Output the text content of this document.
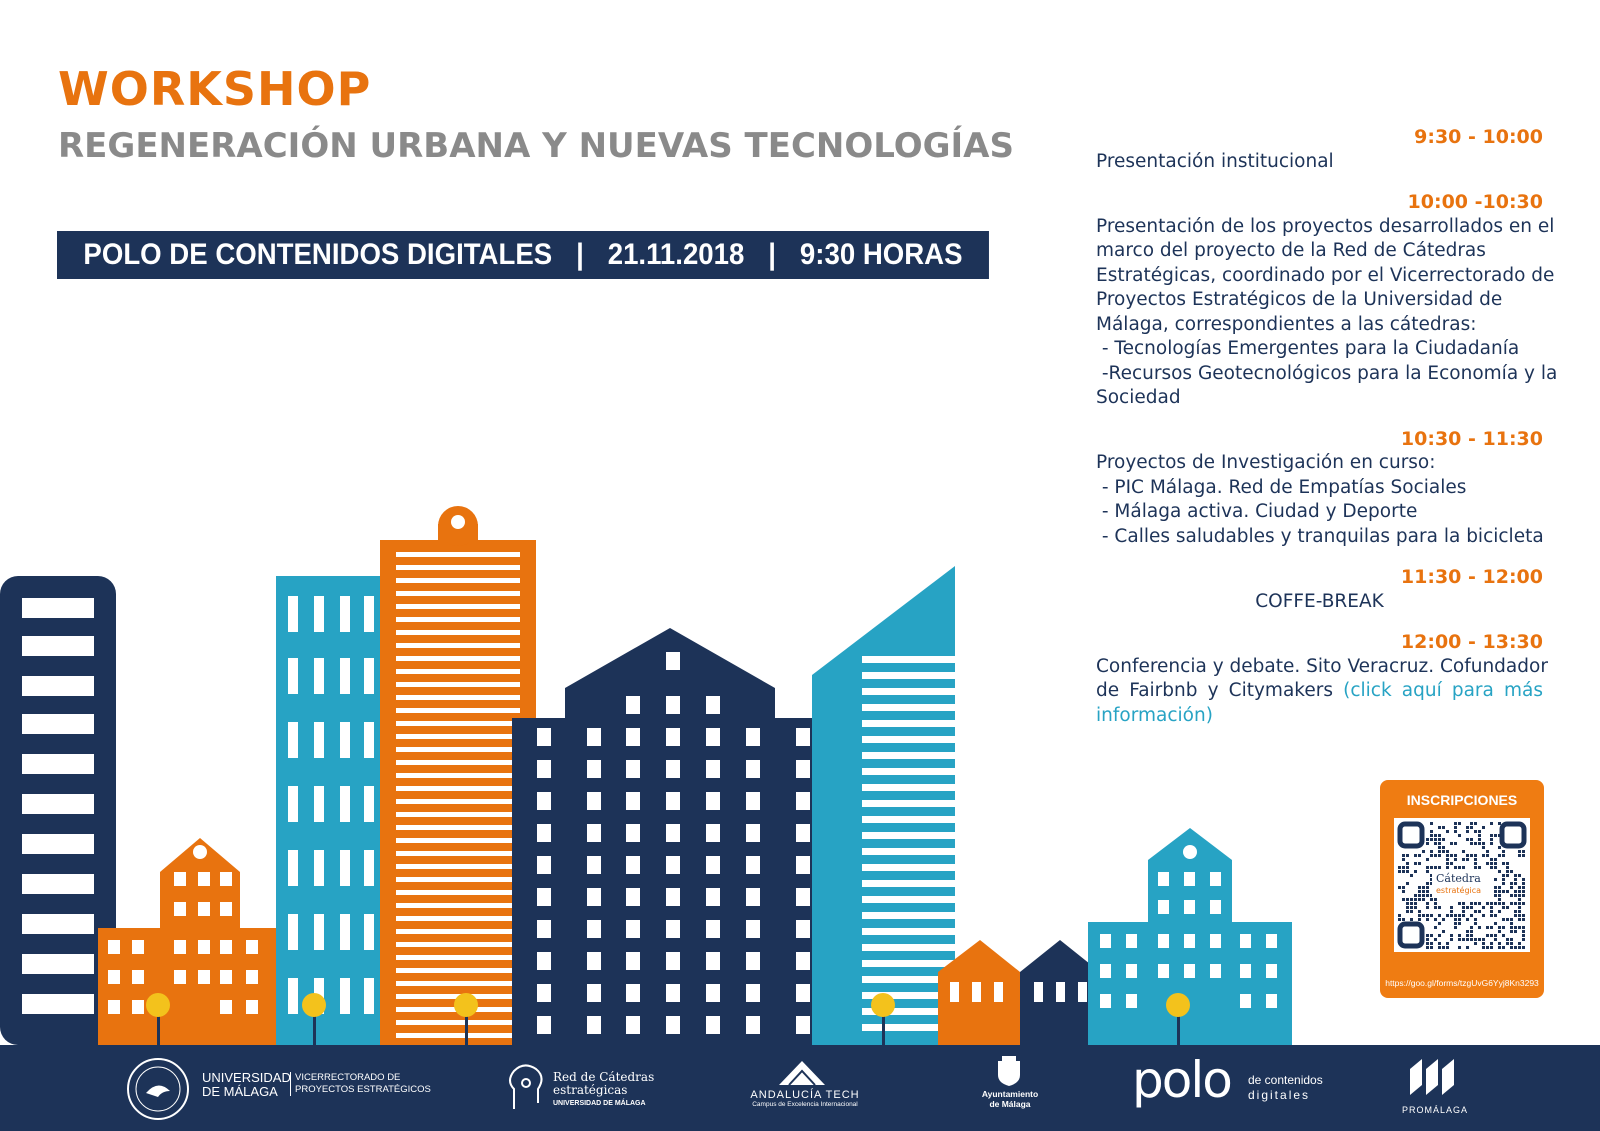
WORKSHOP
REGENERACIÓN URBANA Y NUEVAS TECNOLOGÍAS
POLO DE CONTENIDOS DIGITALES | 21.11.2018 | 9:30 HORAS
9:30 - 10:00
Presentación institucional
10:00 -10:30
Presentación de los proyectos desarrollados en el
marco del proyecto de la Red de Cátedras
Estratégicas, coordinado por el Vicerrectorado de
Proyectos Estratégicos de la Universidad de
Málaga, correspondientes a las cátedras:
- Tecnologías Emergentes para la Ciudadanía
-Recursos Geotecnológicos para la Economía y la
Sociedad
10:30 - 11:30
Proyectos de Investigación en curso:
- PIC Málaga. Red de Empatías Sociales
- Málaga activa. Ciudad y Deporte
- Calles saludables y tranquilas para la bicicleta
11:30 - 12:00
COFFE-BREAK
12:00 - 13:30
Conferencia y debate. Sito Veracruz. Cofundador
de Fairbnb y Citymakers (click aquí para más información)
INSCRIPCIONES
Cátedra
estratégica
https://goo.gl/forms/tzgUvG6Yyj8Kn3293
UNIVERSIDAD
DE MÁLAGA
VICERRECTORADO DE
PROYECTOS ESTRATÉGICOS
Red de Cátedras
estratégicas
UNIVERSIDAD DE MÁLAGA
ANDALUCÍA TECH
Campus de Excelencia Internacional
Ayuntamiento
de Málaga	polo de contenidos
digitales
PROMÁLAGA
